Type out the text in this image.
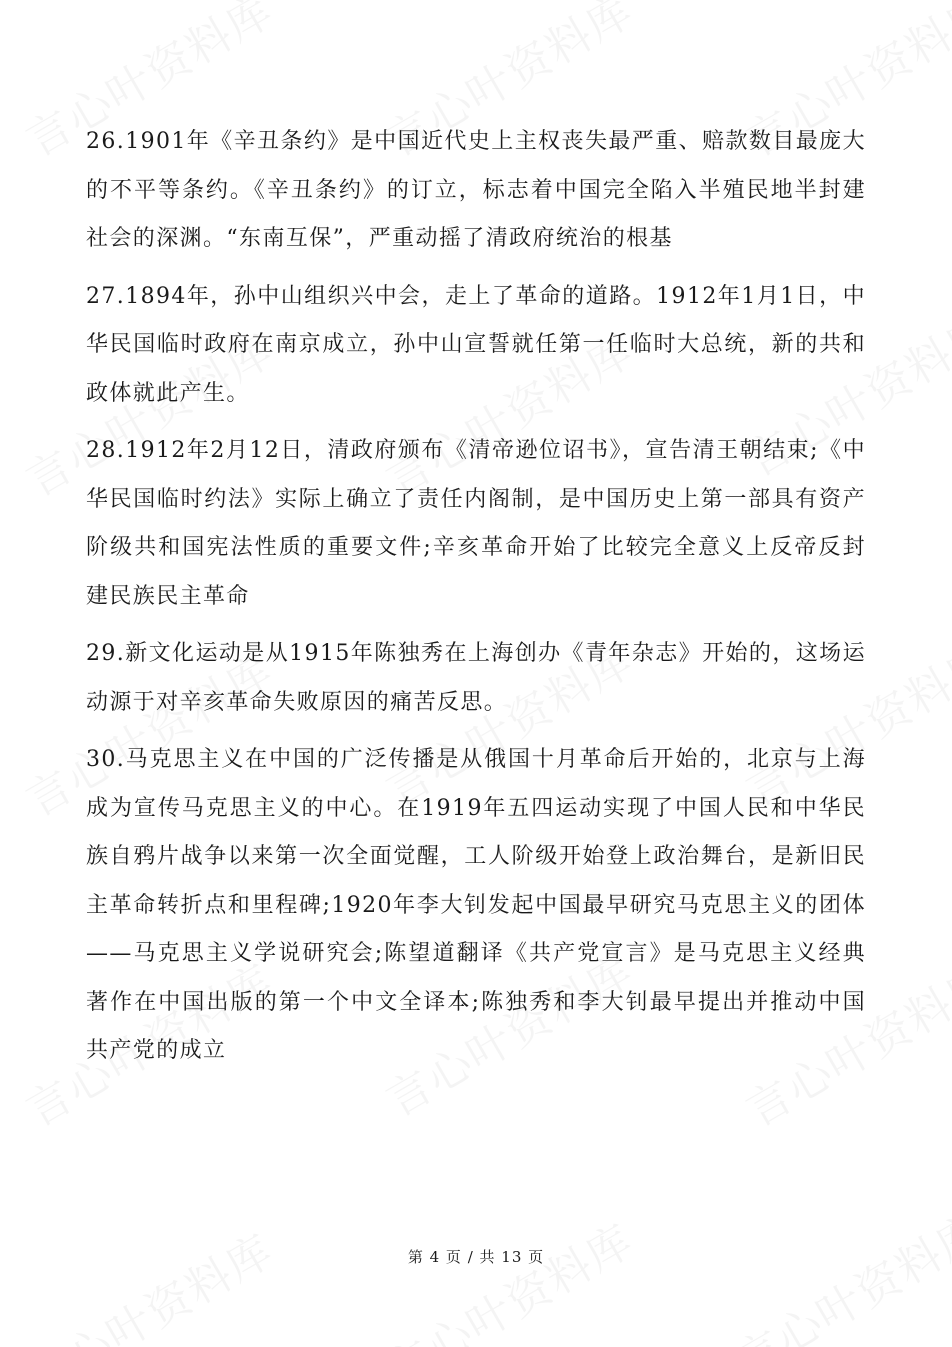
26.1901年《辛丑条约》是中国近代史上主权丧失最严重、赔款数目最庞大的不平等条约。《辛丑条约》的订立，标志着中国完全陷入半殖民地半封建社会的深渊。“东南互保”，严重动摇了清政府统治的根基

27.1894年，孙中山组织兴中会，走上了革命的道路。1912年1月1日，中华民国临时政府在南京成立，孙中山宣誓就任第一任临时大总统，新的共和政体就此产生。

28.1912年2月12日，清政府颁布《清帝逊位诏书》，宣告清王朝结束;《中华民国临时约法》实际上确立了责任内阁制，是中国历史上第一部具有资产阶级共和国宪法性质的重要文件;辛亥革命开始了比较完全意义上反帝反封建民族民主革命

29.新文化运动是从1915年陈独秀在上海创办《青年杂志》开始的，这场运动源于对辛亥革命失败原因的痛苦反思。

30.马克思主义在中国的广泛传播是从俄国十月革命后开始的，北京与上海成为宣传马克思主义的中心。在1919年五四运动实现了中国人民和中华民族自鸦片战争以来第一次全面觉醒，工人阶级开始登上政治舞台，是新旧民主革命转折点和里程碑;1920年李大钊发起中国最早研究马克思主义的团体——马克思主义学说研究会;陈望道翻译《共产党宣言》是马克思主义经典著作在中国出版的第一个中文全译本;陈独秀和李大钊最早提出并推动中国共产党的成立

第 4 页 / 共 13 页
